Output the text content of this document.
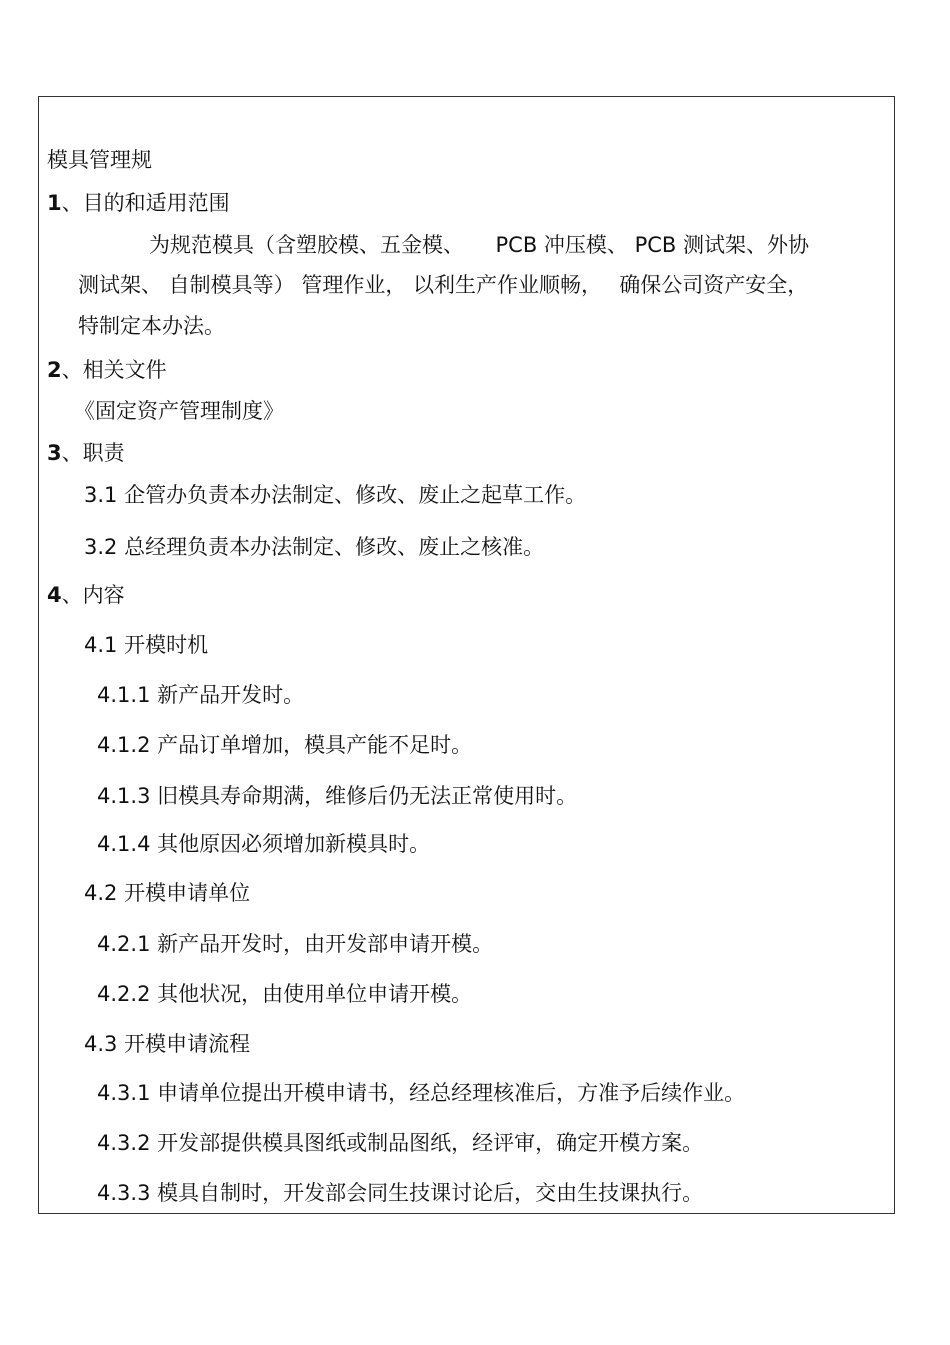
模具管理规
1、目的和适用范围
为规范模具（含塑胶模、五金模、　　PCB 冲压模、 PCB 测试架、外协
测试架、 自制模具等） 管理作业， 以利生产作业顺畅，　 确保公司资产安全，
特制定本办法。
2、相关文件
《固定资产管理制度》
3、职责
3.1 企管办负责本办法制定、修改、废止之起草工作。
3.2 总经理负责本办法制定、修改、废止之核准。
4、内容
4.1 开模时机
4.1.1 新产品开发时。
4.1.2 产品订单增加，模具产能不足时。
4.1.3 旧模具寿命期满，维修后仍无法正常使用时。
4.1.4 其他原因必须增加新模具时。
4.2 开模申请单位
4.2.1 新产品开发时，由开发部申请开模。
4.2.2 其他状况，由使用单位申请开模。
4.3 开模申请流程
4.3.1 申请单位提出开模申请书，经总经理核准后，方准予后续作业。
4.3.2 开发部提供模具图纸或制品图纸，经评审，确定开模方案。
4.3.3 模具自制时，开发部会同生技课讨论后，交由生技课执行。
